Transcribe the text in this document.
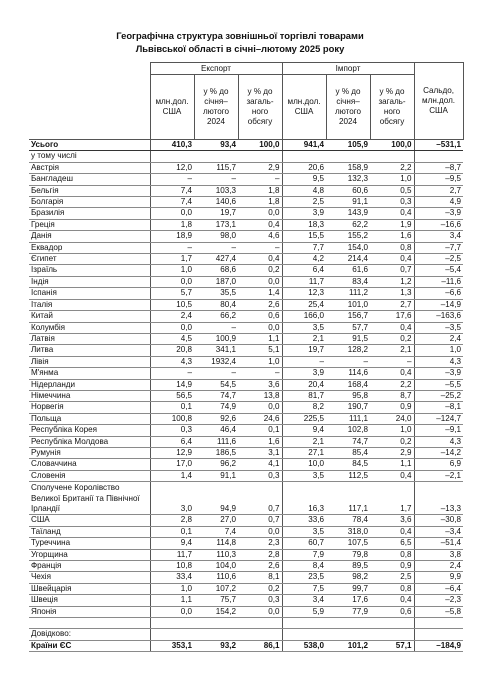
Географічна структура зовнішньої торгівлі товарами
Львівської області в січні–лютому 2025 року
	Експорт			Імпорт			Сальдо, млн.дол. США
	млн.дол. США	у % до січня–лютого 2024	у % до загаль-ного обсягу	млн.дол. США	у % до січня–лютого 2024	у % до загаль-ного обсягу	
Усього	410,3	93,4	100,0	941,4	105,9	100,0	–531,1
у тому числі							
Австрія	12,0	115,7	2,9	20,6	158,9	2,2	–8,7
Бангладеш	–	–	–	9,5	132,3	1,0	–9,5
Бельгія	7,4	103,3	1,8	4,8	60,6	0,5	2,7
Болгарія	7,4	140,6	1,8	2,5	91,1	0,3	4,9
Бразилія	0,0	19,7	0,0	3,9	143,9	0,4	–3,9
Греція	1,8	173,1	0,4	18,3	62,2	1,9	–16,6
Данія	18,9	98,0	4,6	15,5	155,2	1,6	3,4
Еквадор	–	–	–	7,7	154,0	0,8	–7,7
Єгипет	1,7	427,4	0,4	4,2	214,4	0,4	–2,5
Ізраїль	1,0	68,6	0,2	6,4	61,6	0,7	–5,4
Індія	0,0	187,0	0,0	11,7	83,4	1,2	–11,6
Іспанія	5,7	35,5	1,4	12,3	111,2	1,3	–6,6
Італія	10,5	80,4	2,6	25,4	101,0	2,7	–14,9
Китай	2,4	66,2	0,6	166,0	156,7	17,6	–163,6
Колумбія	0,0	–	0,0	3,5	57,7	0,4	–3,5
Латвія	4,5	100,9	1,1	2,1	91,5	0,2	2,4
Литва	20,8	341,1	5,1	19,7	128,2	2,1	1,0
Лівія	4,3	1932,4	1,0	–	–	–	4,3
М'янма	–	–	–	3,9	114,6	0,4	–3,9
Нідерланди	14,9	54,5	3,6	20,4	168,4	2,2	–5,5
Німеччина	56,5	74,7	13,8	81,7	95,8	8,7	–25,2
Норвегія	0,1	74,9	0,0	8,2	190,7	0,9	–8,1
Польща	100,8	92,6	24,6	225,5	111,1	24,0	–124,7
Республіка Корея	0,3	46,4	0,1	9,4	102,8	1,0	–9,1
Республіка Молдова	6,4	111,6	1,6	2,1	74,7	0,2	4,3
Румунія	12,9	186,5	3,1	27,1	85,4	2,9	–14,2
Словаччина	17,0	96,2	4,1	10,0	84,5	1,1	6,9
Словенія	1,4	91,1	0,3	3,5	112,5	0,4	–2,1
Сполучене Королівство Великої Британії та Північної Ірландії	3,0	94,9	0,7	16,3	117,1	1,7	–13,3
США	2,8	27,0	0,7	33,6	78,4	3,6	–30,8
Таїланд	0,1	7,4	0,0	3,5	318,0	0,4	–3,4
Туреччина	9,4	114,8	2,3	60,7	107,5	6,5	–51,4
Угорщина	11,7	110,3	2,8	7,9	79,8	0,8	3,8
Франція	10,8	104,0	2,6	8,4	89,5	0,9	2,4
Чехія	33,4	110,6	8,1	23,5	98,2	2,5	9,9
Швейцарія	1,0	107,2	0,2	7,5	99,7	0,8	–6,4
Швеція	1,1	75,7	0,3	3,4	17,6	0,4	–2,3
Японія	0,0	154,2	0,0	5,9	77,9	0,6	–5,8

Довідково:							
Країни ЄС	353,1	93,2	86,1	538,0	101,2	57,1	–184,9
